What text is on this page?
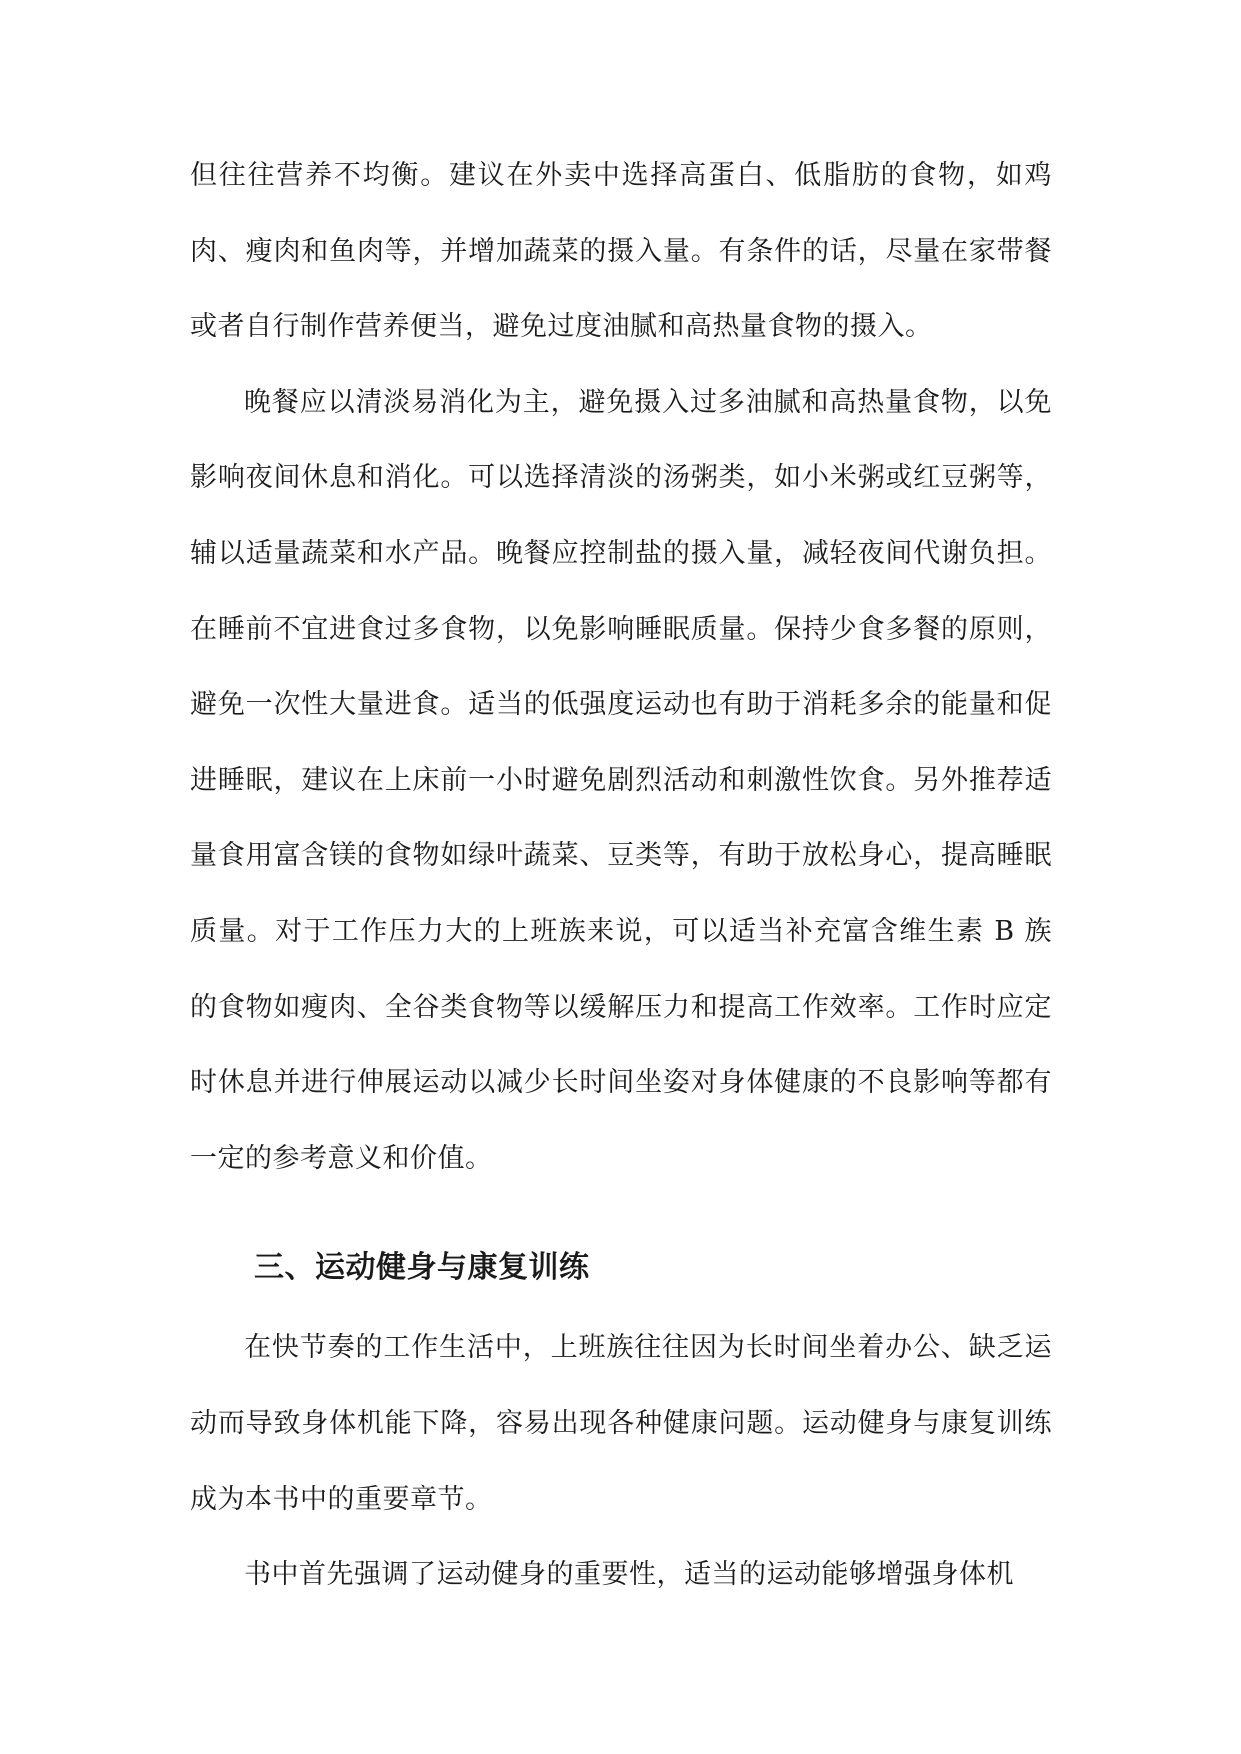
但往往营养不均衡。建议在外卖中选择高蛋白、低脂肪的食物，如鸡肉、瘦肉和鱼肉等，并增加蔬菜的摄入量。有条件的话，尽量在家带餐或者自行制作营养便当，避免过度油腻和高热量食物的摄入。

晚餐应以清淡易消化为主，避免摄入过多油腻和高热量食物，以免影响夜间休息和消化。可以选择清淡的汤粥类，如小米粥或红豆粥等，辅以适量蔬菜和水产品。晚餐应控制盐的摄入量，减轻夜间代谢负担。在睡前不宜进食过多食物，以免影响睡眠质量。保持少食多餐的原则，避免一次性大量进食。适当的低强度运动也有助于消耗多余的能量和促进睡眠，建议在上床前一小时避免剧烈活动和刺激性饮食。另外推荐适量食用富含镁的食物如绿叶蔬菜、豆类等，有助于放松身心，提高睡眠质量。对于工作压力大的上班族来说，可以适当补充富含维生素 B 族的食物如瘦肉、全谷类食物等以缓解压力和提高工作效率。工作时应定时休息并进行伸展运动以减少长时间坐姿对身体健康的不良影响等都有一定的参考意义和价值。

三、运动健身与康复训练

在快节奏的工作生活中，上班族往往因为长时间坐着办公、缺乏运动而导致身体机能下降，容易出现各种健康问题。运动健身与康复训练成为本书中的重要章节。

书中首先强调了运动健身的重要性，适当的运动能够增强身体机
